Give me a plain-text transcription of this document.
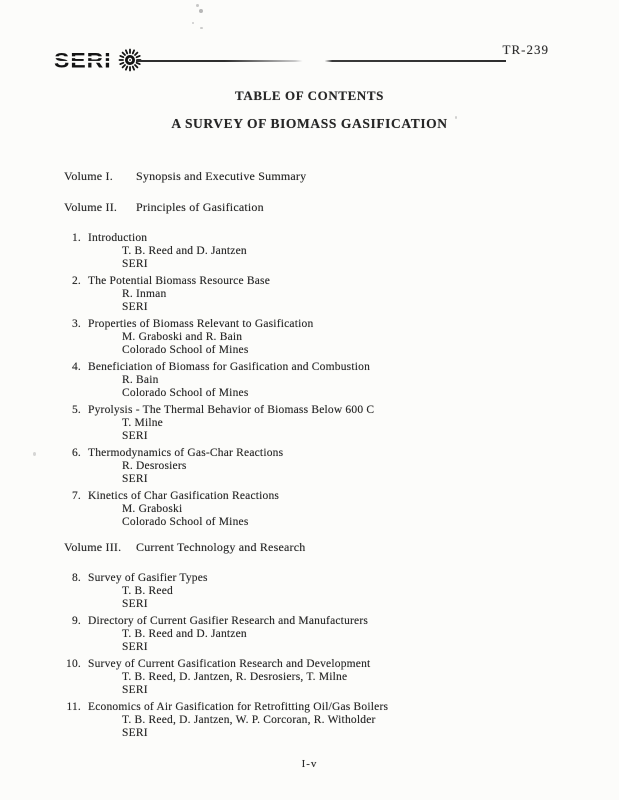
TR-239
TABLE OF CONTENTS
A SURVEY OF BIOMASS GASIFICATION
Volume I. Synopsis and Executive Summary
Volume II. Principles of Gasification
1. Introduction
T. B. Reed and D. Jantzen
SERI
2. The Potential Biomass Resource Base
R. Inman
SERI
3. Properties of Biomass Relevant to Gasification
M. Graboski and R. Bain
Colorado School of Mines
4. Beneficiation of Biomass for Gasification and Combustion
R. Bain
Colorado School of Mines
5. Pyrolysis - The Thermal Behavior of Biomass Below 600 C
T. Milne
SERI
6. Thermodynamics of Gas-Char Reactions
R. Desrosiers
SERI
7. Kinetics of Char Gasification Reactions
M. Graboski
Colorado School of Mines
Volume III. Current Technology and Research
8. Survey of Gasifier Types
T. B. Reed
SERI
9. Directory of Current Gasifier Research and Manufacturers
T. B. Reed and D. Jantzen
SERI
10. Survey of Current Gasification Research and Development
T. B. Reed, D. Jantzen, R. Desrosiers, T. Milne
SERI
11. Economics of Air Gasification for Retrofitting Oil/Gas Boilers
T. B. Reed, D. Jantzen, W. P. Corcoran, R. Witholder
SERI
I-v
